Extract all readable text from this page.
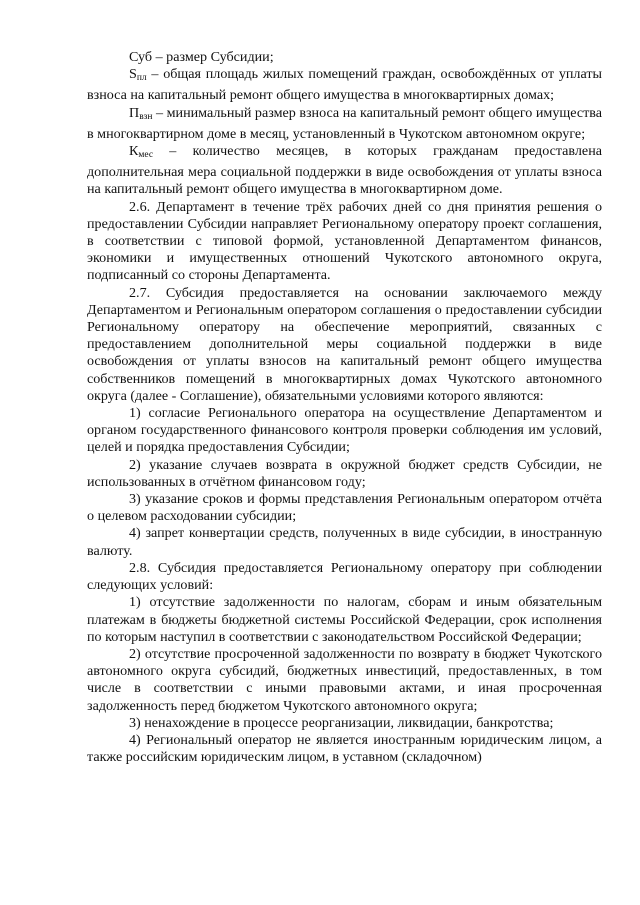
Суб – размер Субсидии;

$S_{пл}$ – общая площадь жилых помещений граждан, освобождённых от уплаты взноса на капитальный ремонт общего имущества в многоквартирных домах;

$П_{взн}$ – минимальный размер взноса на капитальный ремонт общего имущества в многоквартирном доме в месяц, установленный в Чукотском автономном округе;

$К_{мес}$ – количество месяцев, в которых гражданам предоставлена дополнительная мера социальной поддержки в виде освобождения от уплаты взноса на капитальный ремонт общего имущества в многоквартирном доме.

2.6. Департамент в течение трёх рабочих дней со дня принятия решения о предоставлении Субсидии направляет Региональному оператору проект соглашения, в соответствии с типовой формой, установленной Департаментом финансов, экономики и имущественных отношений Чукотского автономного округа, подписанный со стороны Департамента.

2.7. Субсидия предоставляется на основании заключаемого между Департаментом и Региональным оператором соглашения о предоставлении субсидии Региональному оператору на обеспечение мероприятий, связанных с предоставлением дополнительной меры социальной поддержки в виде освобождения от уплаты взносов на капитальный ремонт общего имущества собственников помещений в многоквартирных домах Чукотского автономного округа (далее - Соглашение), обязательными условиями которого являются:

1) согласие Регионального оператора на осуществление Департаментом и органом государственного финансового контроля проверки соблюдения им условий, целей и порядка предоставления Субсидии;

2) указание случаев возврата в окружной бюджет средств Субсидии, не использованных в отчётном финансовом году;

3) указание сроков и формы представления Региональным оператором отчёта о целевом расходовании субсидии;

4) запрет конвертации средств, полученных в виде субсидии, в иностранную валюту.

2.8. Субсидия предоставляется Региональному оператору при соблюдении следующих условий:

1) отсутствие задолженности по налогам, сборам и иным обязательным платежам в бюджеты бюджетной системы Российской Федерации, срок исполнения по которым наступил в соответствии с законодательством Российской Федерации;

2) отсутствие просроченной задолженности по возврату в бюджет Чукотского автономного округа субсидий, бюджетных инвестиций, предоставленных, в том числе в соответствии с иными правовыми актами, и иная просроченная задолженность перед бюджетом Чукотского автономного округа;

3) ненахождение в процессе реорганизации, ликвидации, банкротства;

4) Региональный оператор не является иностранным юридическим лицом, а также российским юридическим лицом, в уставном (складочном)
